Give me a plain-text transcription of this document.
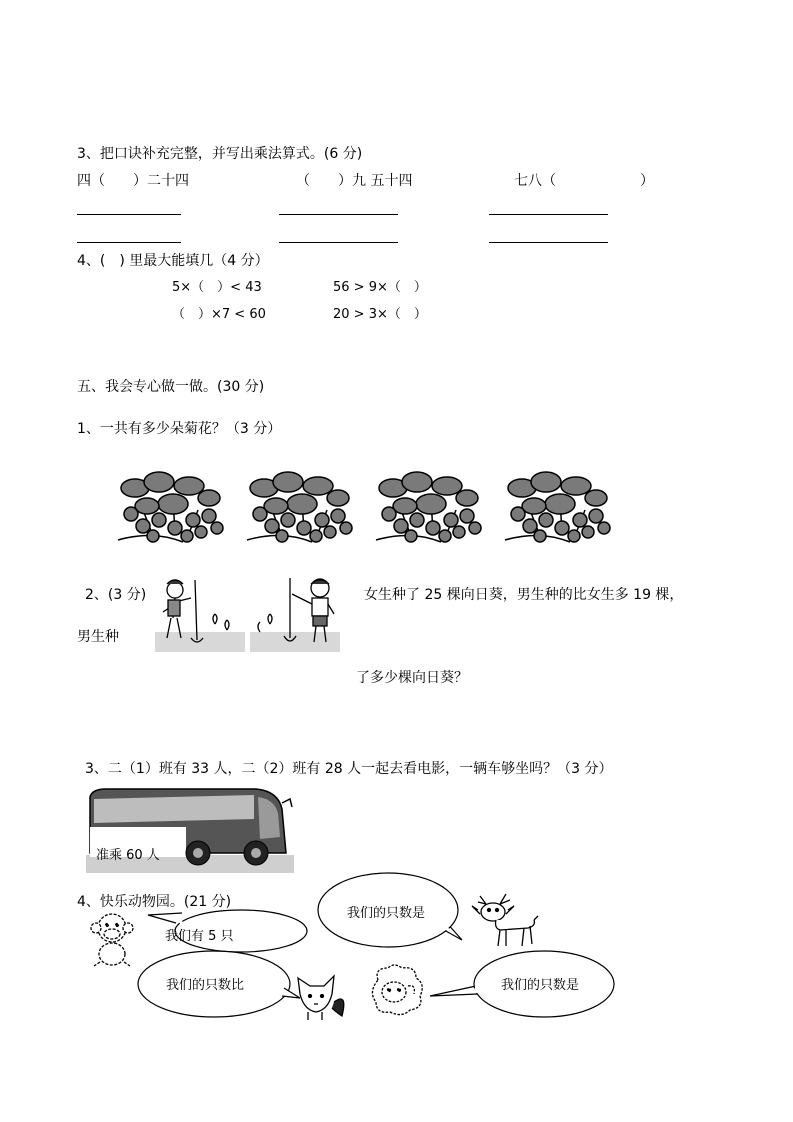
3、把口诀补充完整，并写出乘法算式。(6 分)
四（　　）二十四	（　　）九 五十四	七八（　　　　　　）
4、(　) 里最大能填几（4 分）
5×（　）< 43	56 > 9×（　）
（　）×7 < 60	20 > 3×（　）
五、我会专心做一做。(30 分)
1、一共有多少朵菊花？（3 分）
2、(3 分)	女生种了 25 棵向日葵，男生种的比女生多 19 棵，
男生种
了多少棵向日葵？
3、二（1）班有 33 人，二（2）班有 28 人一起去看电影，一辆车够坐吗？（3 分）
准乘 60 人
4、快乐动物园。(21 分)
我们有 5 只
我们的只数是
我们的只数比	我们的只数是
